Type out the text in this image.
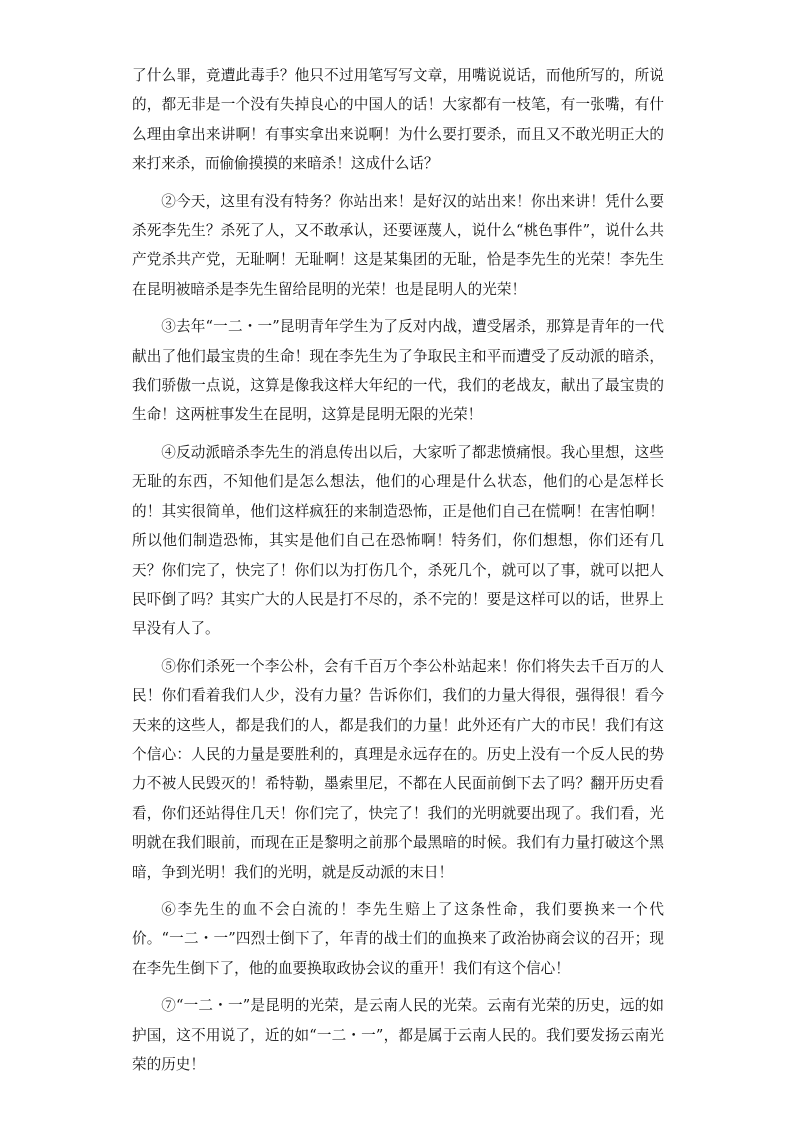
了什么罪，竟遭此毒手？他只不过用笔写写文章，用嘴说说话，而他所写的，所说的，都无非是一个没有失掉良心的中国人的话！大家都有一枝笔，有一张嘴，有什么理由拿出来讲啊！有事实拿出来说啊！为什么要打要杀，而且又不敢光明正大的来打来杀，而偷偷摸摸的来暗杀！这成什么话？

②今天，这里有没有特务？你站出来！是好汉的站出来！你出来讲！凭什么要杀死李先生？杀死了人，又不敢承认，还要诬蔑人，说什么“桃色事件”，说什么共产党杀共产党，无耻啊！无耻啊！这是某集团的无耻，恰是李先生的光荣！李先生在昆明被暗杀是李先生留给昆明的光荣！也是昆明人的光荣！

③去年“一二・一”昆明青年学生为了反对内战，遭受屠杀，那算是青年的一代献出了他们最宝贵的生命！现在李先生为了争取民主和平而遭受了反动派的暗杀，我们骄傲一点说，这算是像我这样大年纪的一代，我们的老战友，献出了最宝贵的生命！这两桩事发生在昆明，这算是昆明无限的光荣！

④反动派暗杀李先生的消息传出以后，大家听了都悲愤痛恨。我心里想，这些无耻的东西，不知他们是怎么想法，他们的心理是什么状态，他们的心是怎样长的！其实很简单，他们这样疯狂的来制造恐怖，正是他们自己在慌啊！在害怕啊！所以他们制造恐怖，其实是他们自己在恐怖啊！特务们，你们想想，你们还有几天？你们完了，快完了！你们以为打伤几个，杀死几个，就可以了事，就可以把人民吓倒了吗？其实广大的人民是打不尽的，杀不完的！要是这样可以的话，世界上早没有人了。

⑤你们杀死一个李公朴，会有千百万个李公朴站起来！你们将失去千百万的人民！你们看着我们人少，没有力量？告诉你们，我们的力量大得很，强得很！看今天来的这些人，都是我们的人，都是我们的力量！此外还有广大的市民！我们有这个信心：人民的力量是要胜利的，真理是永远存在的。历史上没有一个反人民的势力不被人民毁灭的！希特勒，墨索里尼，不都在人民面前倒下去了吗？翻开历史看看，你们还站得住几天！你们完了，快完了！我们的光明就要出现了。我们看，光明就在我们眼前，而现在正是黎明之前那个最黑暗的时候。我们有力量打破这个黑暗，争到光明！我们的光明，就是反动派的末日！

⑥李先生的血不会白流的！李先生赔上了这条性命，我们要换来一个代价。“一二・一”四烈士倒下了，年青的战士们的血换来了政治协商会议的召开；现在李先生倒下了，他的血要换取政协会议的重开！我们有这个信心！

⑦“一二・一”是昆明的光荣，是云南人民的光荣。云南有光荣的历史，远的如护国，这不用说了，近的如“一二・一”，都是属于云南人民的。我们要发扬云南光荣的历史！
